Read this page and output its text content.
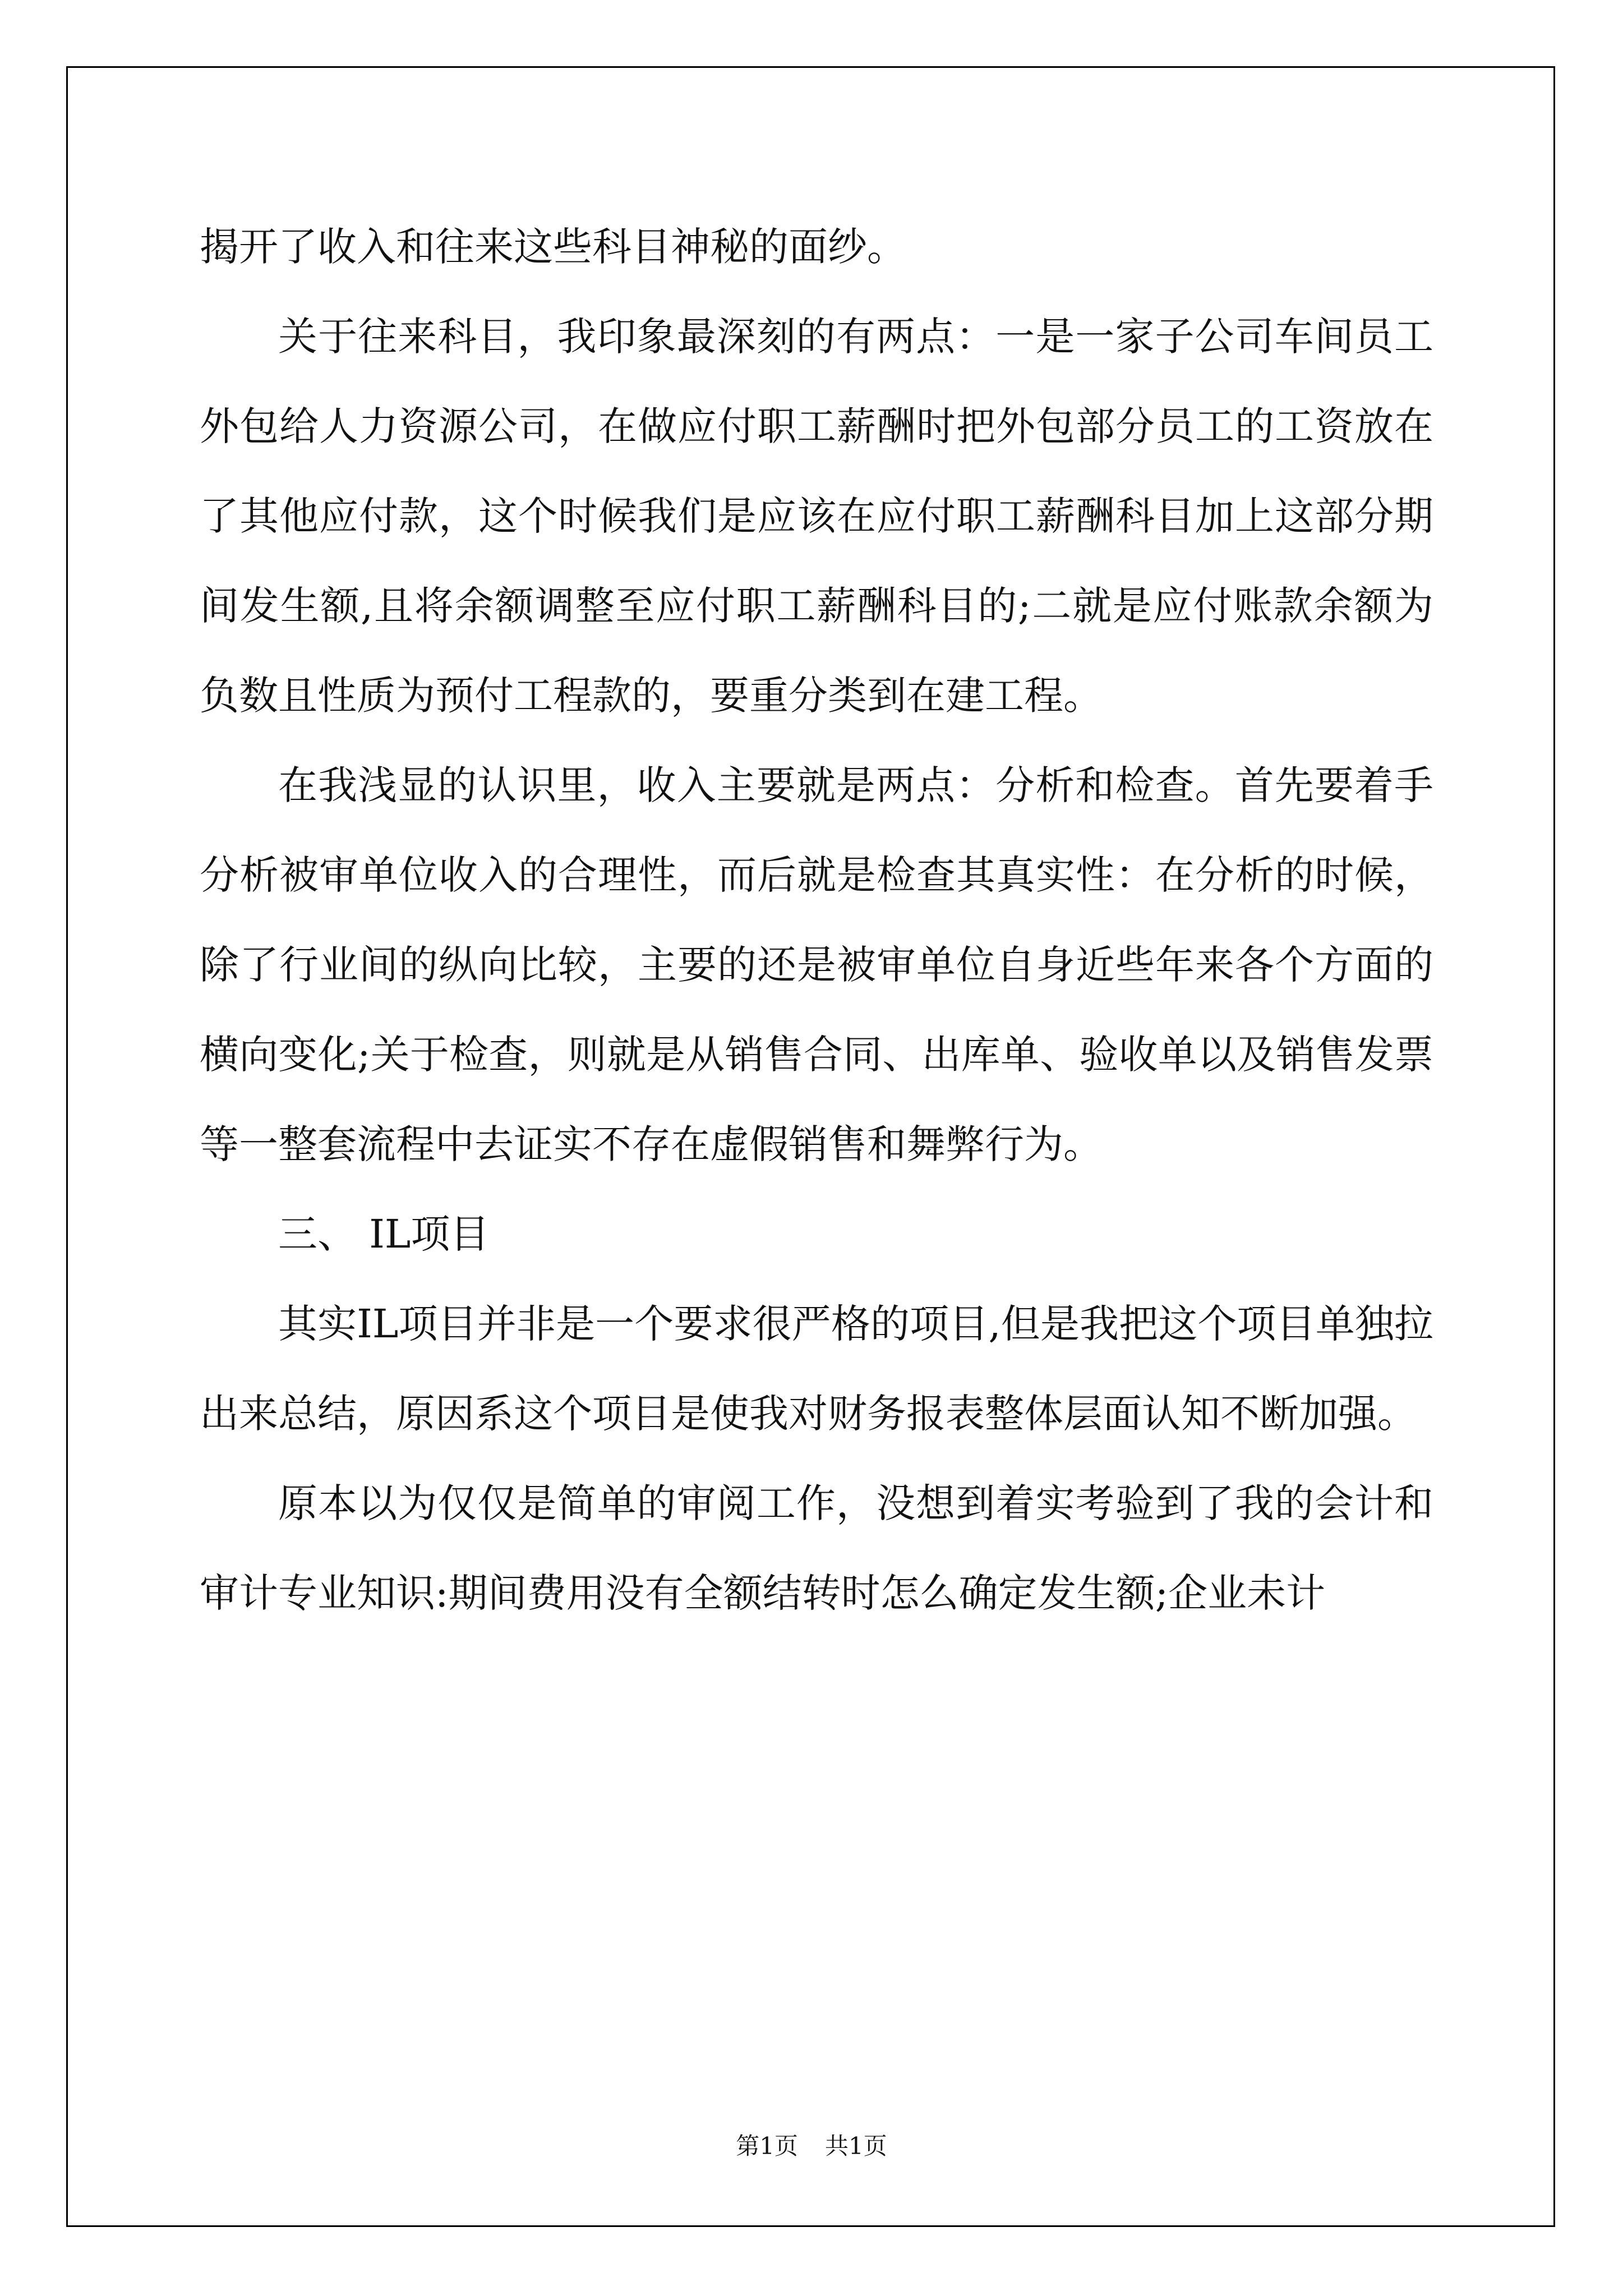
揭开了收入和往来这些科目神秘的面纱。

关于往来科目，我印象最深刻的有两点：一是一家子公司车间员工外包给人力资源公司，在做应付职工薪酬时把外包部分员工的工资放在了其他应付款，这个时候我们是应该在应付职工薪酬科目加上这部分期间发生额,且将余额调整至应付职工薪酬科目的;二就是应付账款余额为负数且性质为预付工程款的，要重分类到在建工程。

在我浅显的认识里，收入主要就是两点：分析和检查。首先要着手分析被审单位收入的合理性，而后就是检查其真实性：在分析的时候，除了行业间的纵向比较，主要的还是被审单位自身近些年来各个方面的横向变化;关于检查，则就是从销售合同、出库单、验收单以及销售发票等一整套流程中去证实不存在虚假销售和舞弊行为。

三、 IL项目

其实IL项目并非是一个要求很严格的项目,但是我把这个项目单独拉出来总结，原因系这个项目是使我对财务报表整体层面认知不断加强。

原本以为仅仅是简单的审阅工作，没想到着实考验到了我的会计和审计专业知识:期间费用没有全额结转时怎么确定发生额;企业未计

第1页 共1页
